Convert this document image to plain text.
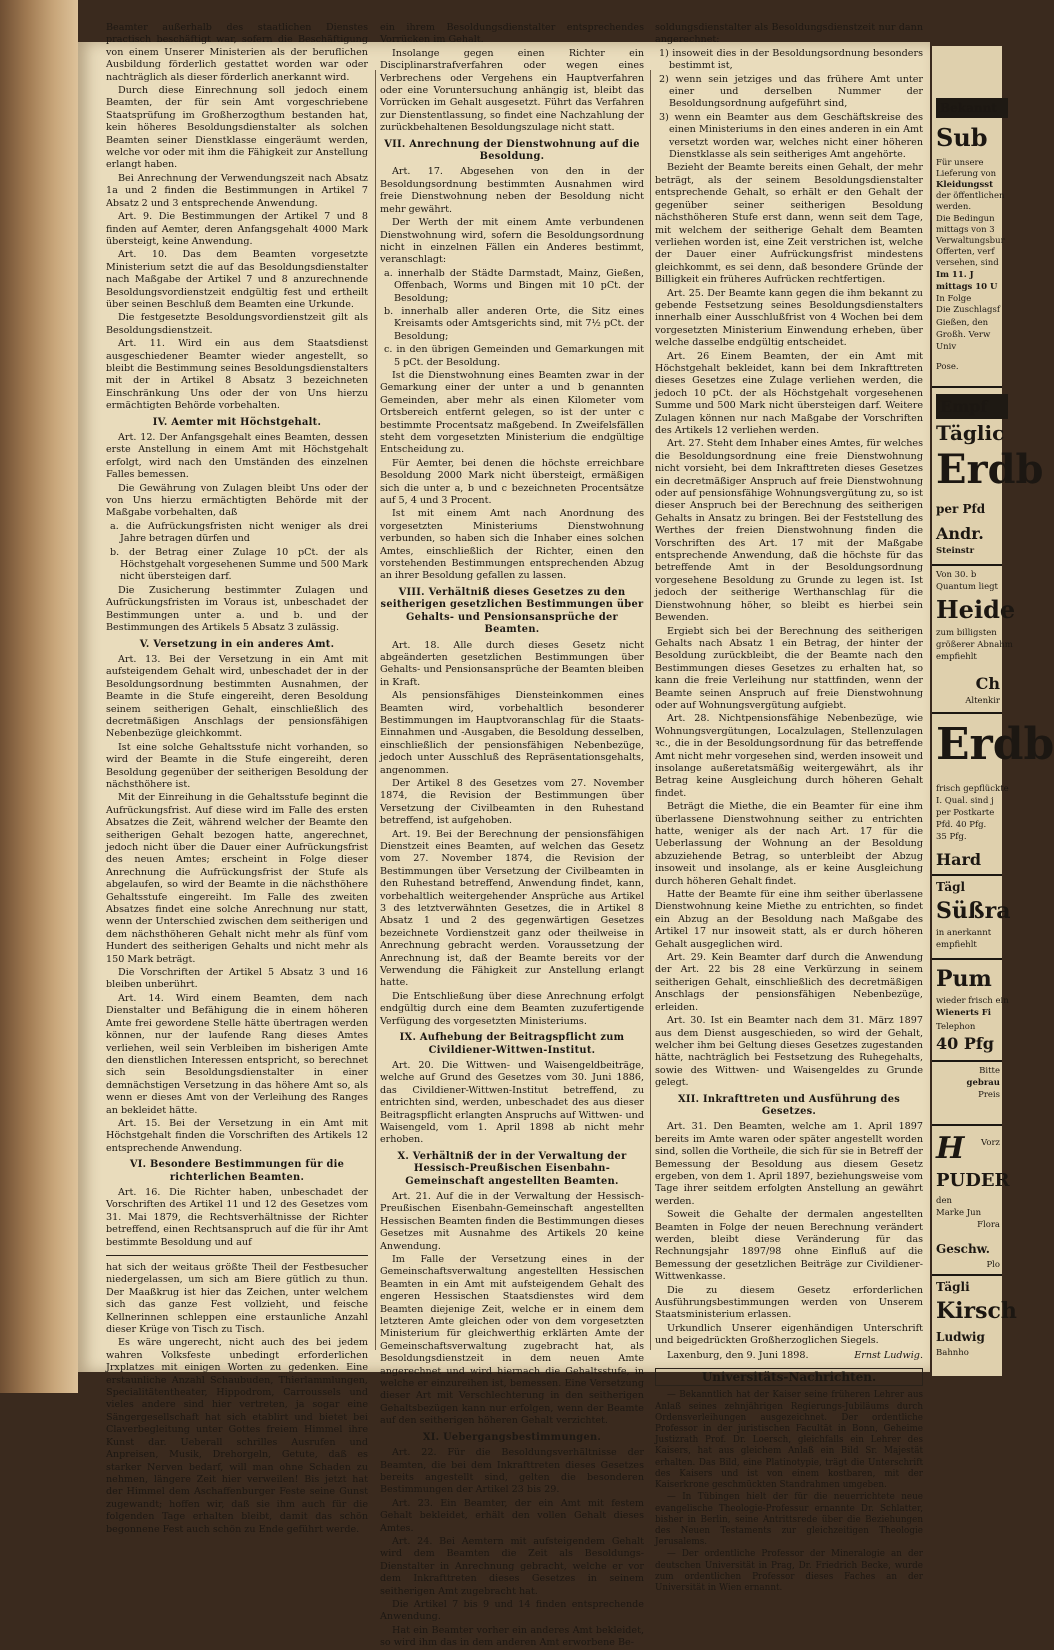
Beamter außerhalb des staatlichen Dienstes practisch beschäftigt war, sofern die Beschäftigung von einem Unserer Ministerien als der beruflichen Ausbildung förderlich gestattet worden war oder nachträglich als dieser förderlich anerkannt wird.

Durch diese Einrechnung soll jedoch einem Beamten, der für sein Amt vorgeschriebene Staatsprüfung im Großherzogthum bestanden hat, kein höheres Besoldungsdienstalter als solchen Beamten seiner Dienstklasse eingeräumt werden, welche vor oder mit ihm die Fähigkeit zur Anstellung erlangt haben.

Bei Anrechnung der Verwendungszeit nach Absatz 1a und 2 finden die Bestimmungen in Artikel 7 Absatz 2 und 3 entsprechende Anwendung.

Art. 9. Die Bestimmungen der Artikel 7 und 8 finden auf Aemter, deren Anfangsgehalt 4000 Mark übersteigt, keine Anwendung.

Art. 10. Das dem Beamten vorgesetzte Ministerium setzt die auf das Besoldungsdienstalter nach Maßgabe der Artikel 7 und 8 anzurechnende Besoldungsvordienstzeit endgültig fest und ertheilt über seinen Beschluß dem Beamten eine Urkunde.

Die festgesetzte Besoldungsvordienstzeit gilt als Besoldungsdienstzeit.

Art. 11. Wird ein aus dem Staatsdienst ausgeschiedener Beamter wieder angestellt, so bleibt die Bestimmung seines Besoldungsdienstalters mit der in Artikel 8 Absatz 3 bezeichneten Einschränkung Uns oder der von Uns hierzu ermächtigten Behörde vorbehalten.

IV. Aemter mit Höchstgehalt.

Art. 12. Der Anfangsgehalt eines Beamten, dessen erste Anstellung in einem Amt mit Höchstgehalt erfolgt, wird nach den Umständen des einzelnen Falles bemessen.

Die Gewährung von Zulagen bleibt Uns oder der von Uns hierzu ermächtigten Behörde mit der Maßgabe vorbehalten, daß

a. die Aufrückungsfristen nicht weniger als drei Jahre betragen dürfen und

b. der Betrag einer Zulage 10 pCt. der als Höchstgehalt vorgesehenen Summe und 500 Mark nicht übersteigen darf.

Die Zusicherung bestimmter Zulagen und Aufrückungsfristen im Voraus ist, unbeschadet der Bestimmungen unter a. und b. und der Bestimmungen des Artikels 5 Absatz 3 zulässig.

V. Versetzung in ein anderes Amt.

Art. 13. Bei der Versetzung in ein Amt mit aufsteigendem Gehalt wird, unbeschadet der in der Besoldungsordnung bestimmten Ausnahmen, der Beamte in die Stufe eingereiht, deren Besoldung seinem seitherigen Gehalt, einschließlich des decretmäßigen Anschlags der pensionsfähigen Nebenbezüge gleichkommt.

Ist eine solche Gehaltsstufe nicht vorhanden, so wird der Beamte in die Stufe eingereiht, deren Besoldung gegenüber der seitherigen Besoldung der nächsthöhere ist.

Mit der Einreihung in die Gehaltsstufe beginnt die Aufrückungsfrist. Auf diese wird im Falle des ersten Absatzes die Zeit, während welcher der Beamte den seitherigen Gehalt bezogen hatte, angerechnet, jedoch nicht über die Dauer einer Aufrückungsfrist des neuen Amtes; erscheint in Folge dieser Anrechnung die Aufrückungsfrist der Stufe als abgelaufen, so wird der Beamte in die nächsthöhere Gehaltsstufe eingereiht. Im Falle des zweiten Absatzes findet eine solche Anrechnung nur statt, wenn der Unterschied zwischen dem seitherigen und dem nächsthöheren Gehalt nicht mehr als fünf vom Hundert des seitherigen Gehalts und nicht mehr als 150 Mark beträgt.

Die Vorschriften der Artikel 5 Absatz 3 und 16 bleiben unberührt.

Art. 14. Wird einem Beamten, dem nach Dienstalter und Befähigung die in einem höheren Amte frei gewordene Stelle hätte übertragen werden können, nur der laufende Rang dieses Amtes verliehen, weil sein Verbleiben im bisherigen Amte den dienstlichen Interessen entspricht, so berechnet sich sein Besoldungsdienstalter in einer demnächstigen Versetzung in das höhere Amt so, als wenn er dieses Amt von der Verleihung des Ranges an bekleidet hätte.

Art. 15. Bei der Versetzung in ein Amt mit Höchstgehalt finden die Vorschriften des Artikels 12 entsprechende Anwendung.

VI. Besondere Bestimmungen für die richterlichen Beamten.

Art. 16. Die Richter haben, unbeschadet der Vorschriften des Artikel 11 und 12 des Gesetzes vom 31. Mai 1879, die Rechtsverhältnisse der Richter betreffend, einen Rechtsanspruch auf die für ihr Amt bestimmte Besoldung und auf

hat sich der weitaus größte Theil der Festbesucher niedergelassen, um sich am Biere gütlich zu thun. Der Maaßkrug ist hier das Zeichen, unter welchem sich das ganze Fest vollzieht, und feische Kellnerinnen schleppen eine erstaunliche Anzahl dieser Krüge von Tisch zu Tisch.

Es wäre ungerecht, nicht auch des bei jedem wahren Volksfeste unbedingt erforderlichen Jrxplatzes mit einigen Worten zu gedenken. Eine erstaunliche Anzahl Schaubuden, Thierlammlungen, Specialitätentheater, Hippodrom, Carroussels und vieles andere sind hier vertreten, ja sogar eine Sängergesellschaft hat sich etablirt und bietet bei Claverbegleitung unter Gottes freiem Himmel ihre Kunst dar. Ueberall schrilles Ausrufen und Anpreisen, Musik, Drehorgeln, Getute, daß es starker Nerven bedarf, will man ohne Schaden zu nehmen, längere Zeit hier verweilen! Bis jetzt hat der Himmel dem Aschaffenburger Feste seine Gunst zugewandt; hoffen wir, daß sie ihm auch für die folgenden Tage erhalten bleibt, damit das schön begonnene Fest auch schön zu Ende geführt werde.

ein ihrem Besoldungsdienstalter entsprechendes Vorrücken im Gehalt.

Insolange gegen einen Richter ein Disciplinarstrafverfahren oder wegen eines Verbrechens oder Vergehens ein Hauptverfahren oder eine Voruntersuchung anhängig ist, bleibt das Vorrücken im Gehalt ausgesetzt. Führt das Verfahren zur Dienstentlassung, so findet eine Nachzahlung der zurückbehaltenen Besoldungszulage nicht statt.

VII. Anrechnung der Dienstwohnung auf die Besoldung.

Art. 17. Abgesehen von den in der Besoldungsordnung bestimmten Ausnahmen wird freie Dienstwohnung neben der Besoldung nicht mehr gewährt.

Der Werth der mit einem Amte verbundenen Dienstwohnung wird, sofern die Besoldungsordnung nicht in einzelnen Fällen ein Anderes bestimmt, veranschlagt:

a. innerhalb der Städte Darmstadt, Mainz, Gießen, Offenbach, Worms und Bingen mit 10 pCt. der Besoldung;

b. innerhalb aller anderen Orte, die Sitz eines Kreisamts oder Amtsgerichts sind, mit 7½ pCt. der Besoldung;

c. in den übrigen Gemeinden und Gemarkungen mit 5 pCt. der Besoldung.

Ist die Dienstwohnung eines Beamten zwar in der Gemarkung einer der unter a und b genannten Gemeinden, aber mehr als einen Kilometer vom Ortsbereich entfernt gelegen, so ist der unter c bestimmte Procentsatz maßgebend. In Zweifelsfällen steht dem vorgesetzten Ministerium die endgültige Entscheidung zu.

Für Aemter, bei denen die höchste erreichbare Besoldung 2000 Mark nicht übersteigt, ermäßigen sich die unter a, b und c bezeichneten Procentsätze auf 5, 4 und 3 Procent.

Ist mit einem Amt nach Anordnung des vorgesetzten Ministeriums Dienstwohnung verbunden, so haben sich die Inhaber eines solchen Amtes, einschließlich der Richter, einen den vorstehenden Bestimmungen entsprechenden Abzug an ihrer Besoldung gefallen zu lassen.

VIII. Verhältniß dieses Gesetzes zu den seitherigen gesetzlichen Bestimmungen über Gehalts- und Pensionsansprüche der Beamten.

Art. 18. Alle durch dieses Gesetz nicht abgeänderten gesetzlichen Bestimmungen über Gehalts- und Pensionsansprüche der Beamten bleiben in Kraft.

Als pensionsfähiges Diensteinkommen eines Beamten wird, vorbehaltlich besonderer Bestimmungen im Hauptvoranschlag für die Staats-Einnahmen und -Ausgaben, die Besoldung desselben, einschließlich der pensionsfähigen Nebenbezüge, jedoch unter Ausschluß des Repräsentationsgehalts, angenommen.

Der Artikel 8 des Gesetzes vom 27. November 1874, die Revision der Bestimmungen über Versetzung der Civilbeamten in den Ruhestand betreffend, ist aufgehoben.

Art. 19. Bei der Berechnung der pensionsfähigen Dienstzeit eines Beamten, auf welchen das Gesetz vom 27. November 1874, die Revision der Bestimmungen über Versetzung der Civilbeamten in den Ruhestand betreffend, Anwendung findet, kann, vorbehaltlich weitergehender Ansprüche aus Artikel 3 des letztverwähnten Gesetzes, die in Artikel 8 Absatz 1 und 2 des gegenwärtigen Gesetzes bezeichnete Vordienstzeit ganz oder theilweise in Anrechnung gebracht werden. Voraussetzung der Anrechnung ist, daß der Beamte bereits vor der Verwendung die Fähigkeit zur Anstellung erlangt hatte.

Die Entschließung über diese Anrechnung erfolgt endgültig durch eine dem Beamten zuzufertigende Verfügung des vorgesetzten Ministeriums.

IX. Aufhebung der Beitragspflicht zum Civildiener-Wittwen-Institut.

Art. 20. Die Wittwen- und Waisengeldbeiträge, welche auf Grund des Gesetzes vom 30. Juni 1886, das Civildiener-Wittwen-Institut betreffend, zu entrichten sind, werden, unbeschadet des aus dieser Beitragspflicht erlangten Anspruchs auf Wittwen- und Waisengeld, vom 1. April 1898 ab nicht mehr erhoben.

X. Verhältniß der in der Verwaltung der Hessisch-Preußischen Eisenbahn-Gemeinschaft angestellten Beamten.

Art. 21. Auf die in der Verwaltung der Hessisch-Preußischen Eisenbahn-Gemeinschaft angestellten Hessischen Beamten finden die Bestimmungen dieses Gesetzes mit Ausnahme des Artikels 20 keine Anwendung.

Im Falle der Versetzung eines in der Gemeinschaftsverwaltung angestellten Hessischen Beamten in ein Amt mit aufsteigendem Gehalt des engeren Hessischen Staatsdienstes wird dem Beamten diejenige Zeit, welche er in einem dem letzteren Amte gleichen oder von dem vorgesetzten Ministerium für gleichwerthig erklärten Amte der Gemeinschaftsverwaltung zugebracht hat, als Besoldungsdienstzeit in dem neuen Amte angerechnet und wird hiernach die Gehaltsstufe, in welche er einzureihen ist, bemessen. Eine Versetzung dieser Art mit Verschlechterung in den seitherigen Gehaltsbezügen kann nur erfolgen, wenn der Beamte auf den seitherigen höheren Gehalt verzichtet.

XI. Uebergangsbestimmungen.

Art. 22. Für die Besoldungsverhältnisse der Beamten, die bei dem Inkrafttreten dieses Gesetzes bereits angestellt sind, gelten die besonderen Bestimmungen der Artikel 23 bis 29.

Art. 23. Ein Beamter, der ein Amt mit festem Gehalt bekleidet, erhält den vollen Gehalt dieses Amtes.

Art. 24. Bei Aemtern mit aufsteigendem Gehalt wird dem Beamten die Zeit als Besoldungs-Dienstalter in Anrechnung gebracht, welche er vor dem Inkrafttreten dieses Gesetzes in seinem seitherigen Amt zugebracht hat.

Die Artikel 7 bis 9 und 14 finden entsprechende Anwendung.

Hat ein Beamter vorher ein anderes Amt bekleidet, so wird ihm das in dem anderen Amt erworbene Be-

soldungsdienstalter als Besoldungsdienstzeit nur dann angerechnet:

1) insoweit dies in der Besoldungsordnung besonders bestimmt ist,

2) wenn sein jetziges und das frühere Amt unter einer und derselben Nummer der Besoldungsordnung aufgeführt sind,

3) wenn ein Beamter aus dem Geschäftskreise des einen Ministeriums in den eines anderen in ein Amt versetzt worden war, welches nicht einer höheren Dienstklasse als sein seitheriges Amt angehörte.

Bezieht der Beamte bereits einen Gehalt, der mehr beträgt, als der seinem Besoldungsdienstalter entsprechende Gehalt, so erhält er den Gehalt der gegenüber seiner seitherigen Besoldung nächsthöheren Stufe erst dann, wenn seit dem Tage, mit welchem der seitherige Gehalt dem Beamten verliehen worden ist, eine Zeit verstrichen ist, welche der Dauer einer Aufrückungsfrist mindestens gleichkommt, es sei denn, daß besondere Gründe der Billigkeit ein früheres Aufrücken rechtfertigen.

Art. 25. Der Beamte kann gegen die ihm bekannt zu gebende Festsetzung seines Besoldungsdienstalters innerhalb einer Ausschlußfrist von 4 Wochen bei dem vorgesetzten Ministerium Einwendung erheben, über welche dasselbe endgültig entscheidet.

Art. 26 Einem Beamten, der ein Amt mit Höchstgehalt bekleidet, kann bei dem Inkrafttreten dieses Gesetzes eine Zulage verliehen werden, die jedoch 10 pCt. der als Höchstgehalt vorgesehenen Summe und 500 Mark nicht übersteigen darf. Weitere Zulagen können nur nach Maßgabe der Vorschriften des Artikels 12 verliehen werden.

Art. 27. Steht dem Inhaber eines Amtes, für welches die Besoldungsordnung eine freie Dienstwohnung nicht vorsieht, bei dem Inkrafttreten dieses Gesetzes ein decretmäßiger Anspruch auf freie Dienstwohnung oder auf pensionsfähige Wohnungsvergütung zu, so ist dieser Anspruch bei der Berechnung des seitherigen Gehalts in Ansatz zu bringen. Bei der Feststellung des Werthes der freien Dienstwohnung finden die Vorschriften des Art. 17 mit der Maßgabe entsprechende Anwendung, daß die höchste für das betreffende Amt in der Besoldungsordnung vorgesehene Besoldung zu Grunde zu legen ist. Ist jedoch der seitherige Werthanschlag für die Dienstwohnung höher, so bleibt es hierbei sein Bewenden.

Ergiebt sich bei der Berechnung des seitherigen Gehalts nach Absatz 1 ein Betrag, der hinter der Besoldung zurückbleibt, die der Beamte nach den Bestimmungen dieses Gesetzes zu erhalten hat, so kann die freie Verleihung nur stattfinden, wenn der Beamte seinen Anspruch auf freie Dienstwohnung oder auf Wohnungsvergütung aufgiebt.

Art. 28. Nichtpensionsfähige Nebenbezüge, wie Wohnungsvergütungen, Localzulagen, Stellenzulagen ꝛc., die in der Besoldungsordnung für das betreffende Amt nicht mehr vorgesehen sind, werden insoweit und insolange außeretatsmäßig weitergewährt, als ihr Betrag keine Ausgleichung durch höheren Gehalt findet.

Beträgt die Miethe, die ein Beamter für eine ihm überlassene Dienstwohnung seither zu entrichten hatte, weniger als der nach Art. 17 für die Ueberlassung der Wohnung an der Besoldung abzuziehende Betrag, so unterbleibt der Abzug insoweit und insolange, als er keine Ausgleichung durch höheren Gehalt findet.

Hatte der Beamte für eine ihm seither überlassene Dienstwohnung keine Miethe zu entrichten, so findet ein Abzug an der Besoldung nach Maßgabe des Artikel 17 nur insoweit statt, als er durch höheren Gehalt ausgeglichen wird.

Art. 29. Kein Beamter darf durch die Anwendung der Art. 22 bis 28 eine Verkürzung in seinem seitherigen Gehalt, einschließlich des decretmäßigen Anschlags der pensionsfähigen Nebenbezüge, erleiden.

Art. 30. Ist ein Beamter nach dem 31. März 1897 aus dem Dienst ausgeschieden, so wird der Gehalt, welcher ihm bei Geltung dieses Gesetzes zugestanden hätte, nachträglich bei Festsetzung des Ruhegehalts, sowie des Wittwen- und Waisengeldes zu Grunde gelegt.

XII. Inkrafttreten und Ausführung des Gesetzes.

Art. 31. Den Beamten, welche am 1. April 1897 bereits im Amte waren oder später angestellt worden sind, sollen die Vortheile, die sich für sie in Betreff der Bemessung der Besoldung aus diesem Gesetz ergeben, von dem 1. April 1897, beziehungsweise vom Tage ihrer seitdem erfolgten Anstellung an gewährt werden.

Soweit die Gehalte der dermalen angestellten Beamten in Folge der neuen Berechnung verändert werden, bleibt diese Veränderung für das Rechnungsjahr 1897/98 ohne Einfluß auf die Bemessung der gesetzlichen Beiträge zur Civildiener-Wittwenkasse.

Die zu diesem Gesetz erforderlichen Ausführungsbestimmungen werden von Unserem Staatsministerium erlassen.

Urkundlich Unserer eigenhändigen Unterschrift und beigedrückten Großherzoglichen Siegels.

Laxenburg, den 9. Juni 1898.	Ernst Ludwig.
Universitäts-Nachrichten.

— Bekanntlich hat der Kaiser seine früheren Lehrer aus Anlaß seines zehnjährigen Regierungs-Jubiläums durch Ordensverleihungen ausgezeichnet. Der ordentliche Professor in der juristischen Facultät in Bonn, Geheime Justizrath Prof. Dr. Loersch, gleichfalls ein Lehrer des Kaisers, hat aus gleichem Anlaß ein Bild Sr. Majestät erhalten. Das Bild, eine Platinotypie, trägt die Unterschrift des Kaisers und ist von einem kostbaren, mit der Kaiserkrone geschmückten Standrahmen umgeben.

— In Tübingen hielt der für die neuerrichtete neue evangelische Theologie-Professur ernannte Dr. Schlatter, bisher in Berlin, seine Antrittsrede über die Beziehungen des Neuen Testaments zur gleichzeitigen Theologie Jerusalems.

— Der ordentliche Professor der Mineralogie an der deutschen Universität in Prag, Dr. Friedrich Becke, wurde zum ordentlichen Professor dieses Faches an der Universität in Wien ernannt.

Bekannt
Sub
Für unsere
Lieferung von
Kleidungsst
der öffentlichen
werden.
Die Bedingun
mittags von 3
Verwaltungsbur
Offerten, verf
versehen, sind
Im 11. J
mittags 10 U
In Folge
Die Zuschlagsf
Gießen, den
Großh. Verw
Univ
Pose.
Empf
Täglic
Erdb
per Pfd
Andr.
Steinstr
Von 30. b
Quantum liegt
Heide
zum billigsten
größerer Abnahm
empfiehlt
Ch
Altenkir
Erdb
frisch gepflückte
I. Qual. sind j
per Postkarte
Pfd. 40 Pfg.
35 Pfg.
Hard
Tägl
Süßra
in anerkannt
empfiehlt
Pum
wieder frisch ein
Wienerts Fi
Telephon
40 Pfg
Bitte
gebrau
Preis
H	Vorz
PUDER
den
Marke Jun
Flora
Geschw.
Plo
Tägli
Kirsch
Ludwig
Bahnho
